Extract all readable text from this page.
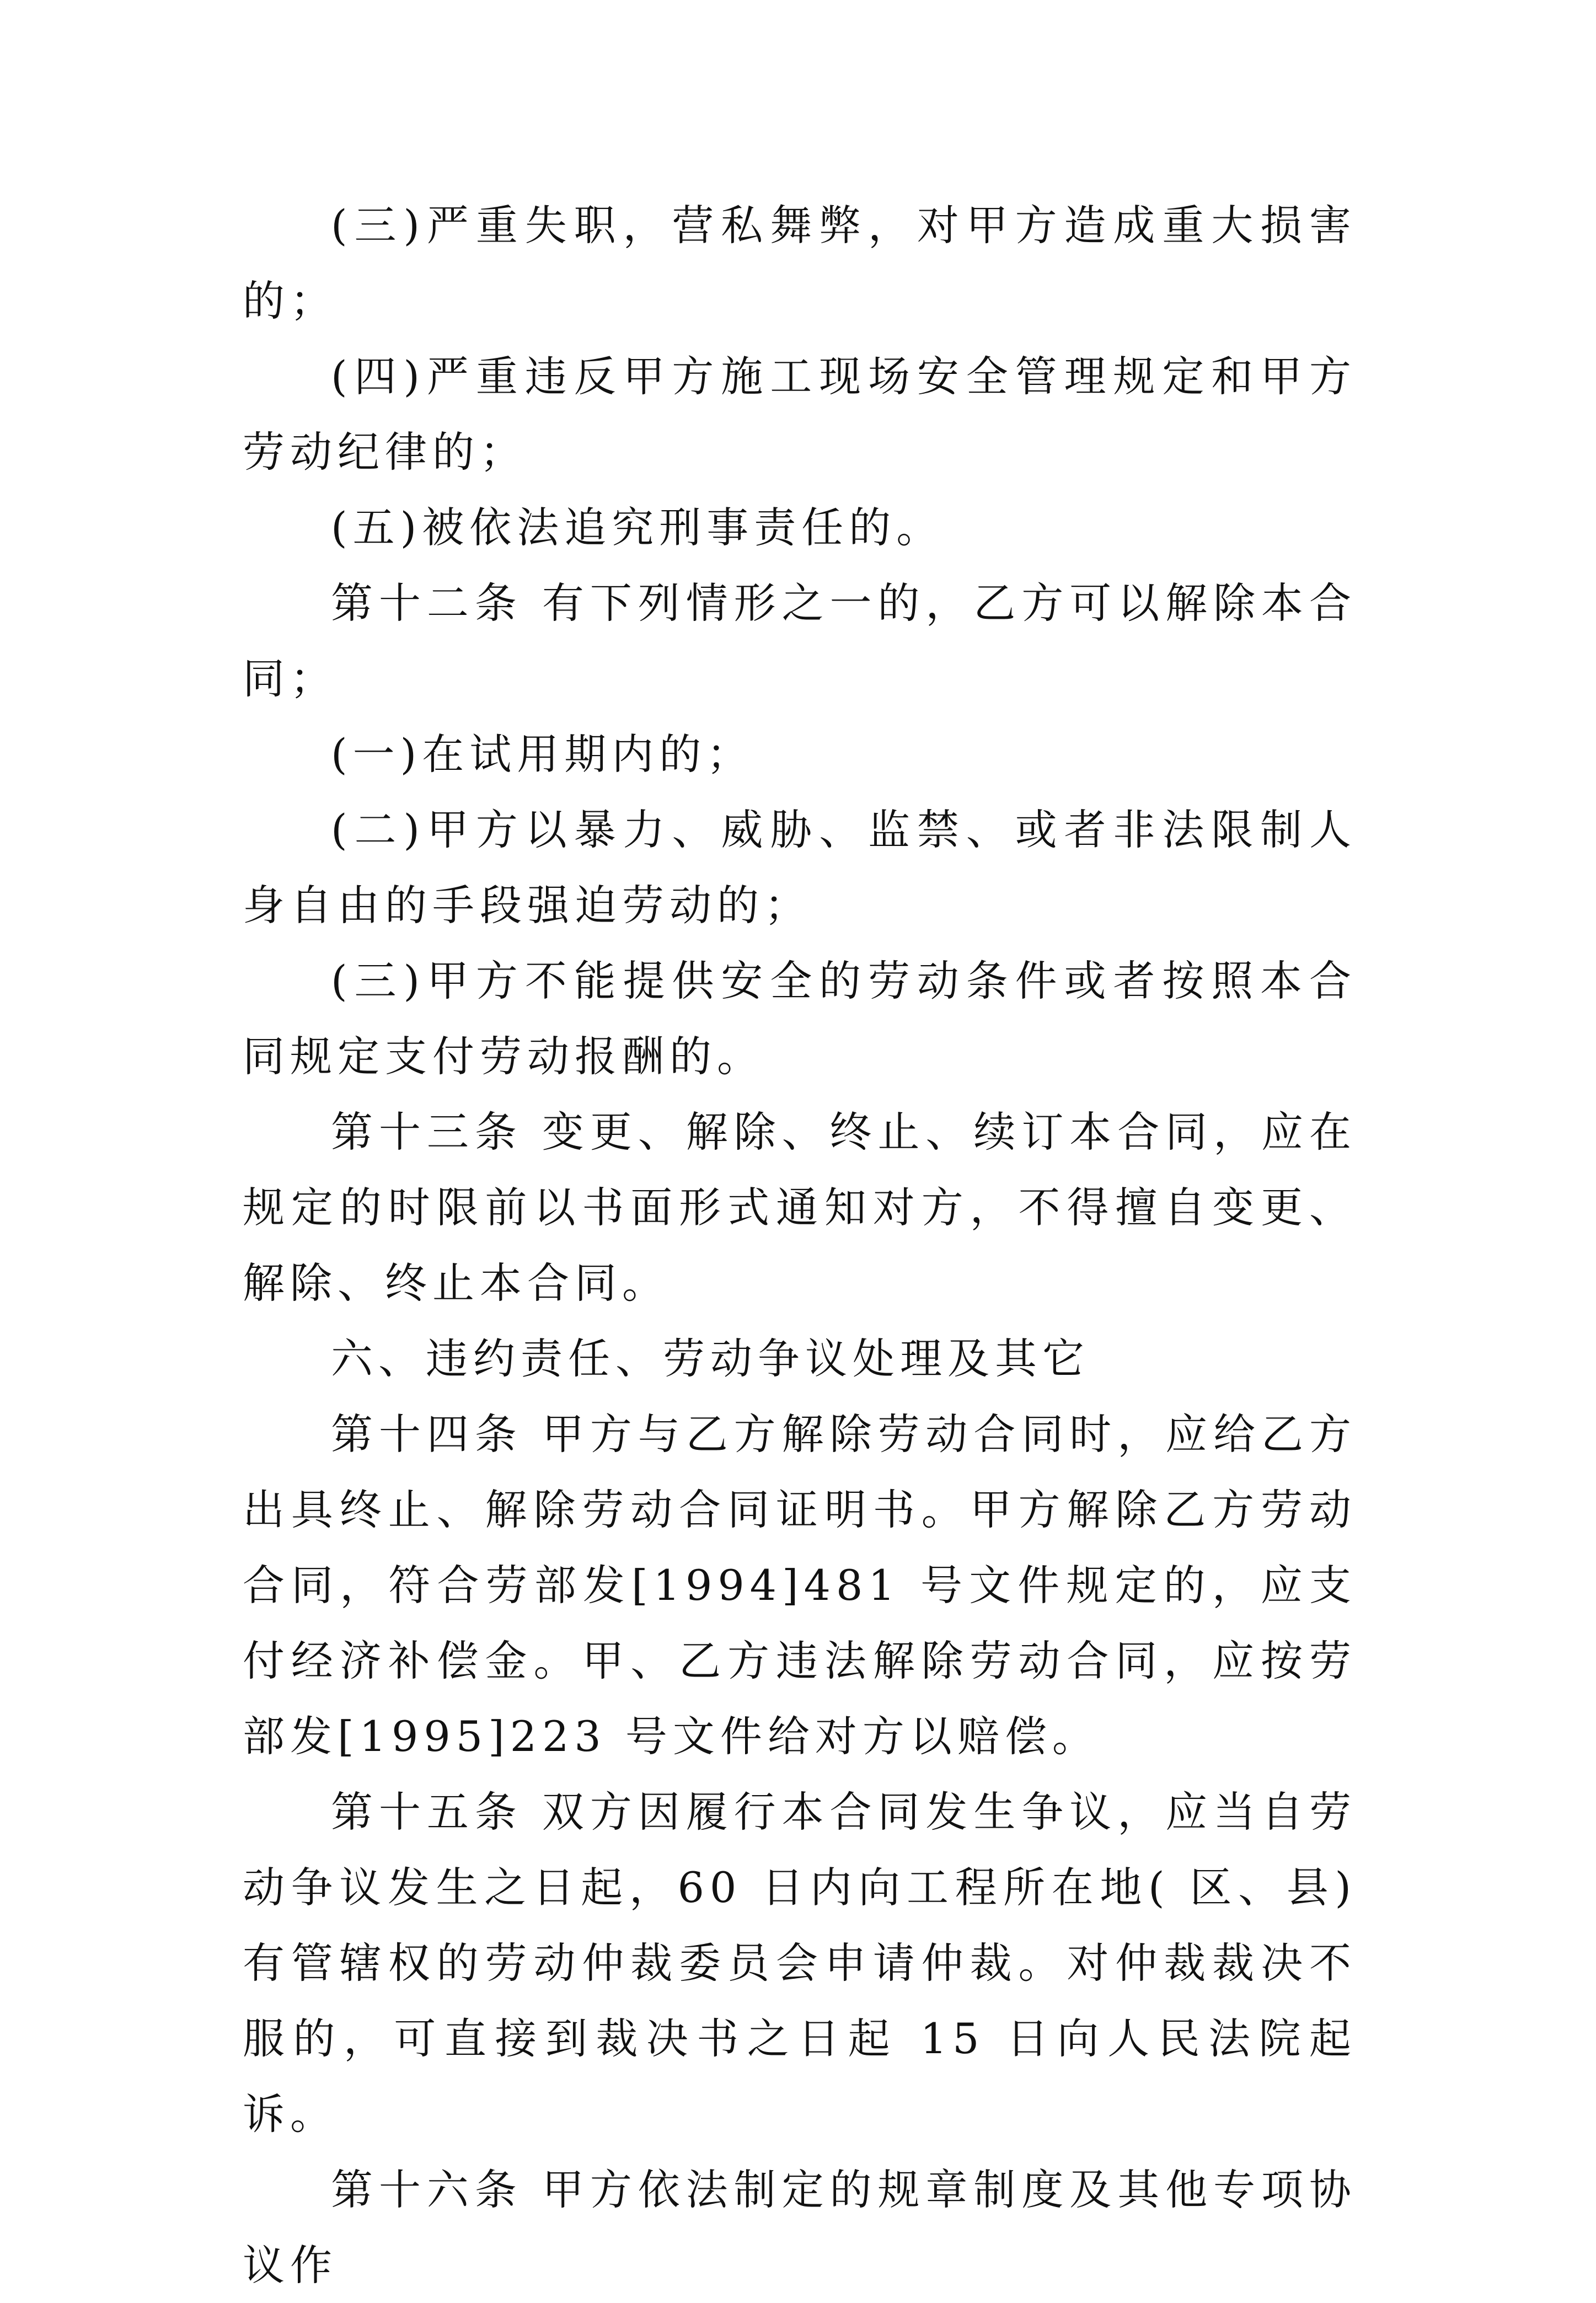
(三)严重失职，营私舞弊，对甲方造成重大损害的；

(四)严重违反甲方施工现场安全管理规定和甲方劳动纪律的；

(五)被依法追究刑事责任的。

第十二条 有下列情形之一的，乙方可以解除本合同；

(一)在试用期内的；

(二)甲方以暴力、威胁、监禁、或者非法限制人身自由的手段强迫劳动的；

(三)甲方不能提供安全的劳动条件或者按照本合同规定支付劳动报酬的。

第十三条 变更、解除、终止、续订本合同，应在规定的时限前以书面形式通知对方，不得擅自变更、解除、终止本合同。

六、违约责任、劳动争议处理及其它

第十四条 甲方与乙方解除劳动合同时，应给乙方出具终止、解除劳动合同证明书。甲方解除乙方劳动合同，符合劳部发[1994]481 号文件规定的，应支付经济补偿金。甲、乙方违法解除劳动合同，应按劳部发[1995]223 号文件给对方以赔偿。

第十五条 双方因履行本合同发生争议，应当自劳动争议发生之日起，60 日内向工程所在地( 区、县)有管辖权的劳动仲裁委员会申请仲裁。对仲裁裁决不服的，可直接到裁决书之日起 15 日向人民法院起诉。

第十六条 甲方依法制定的规章制度及其他专项协议作
